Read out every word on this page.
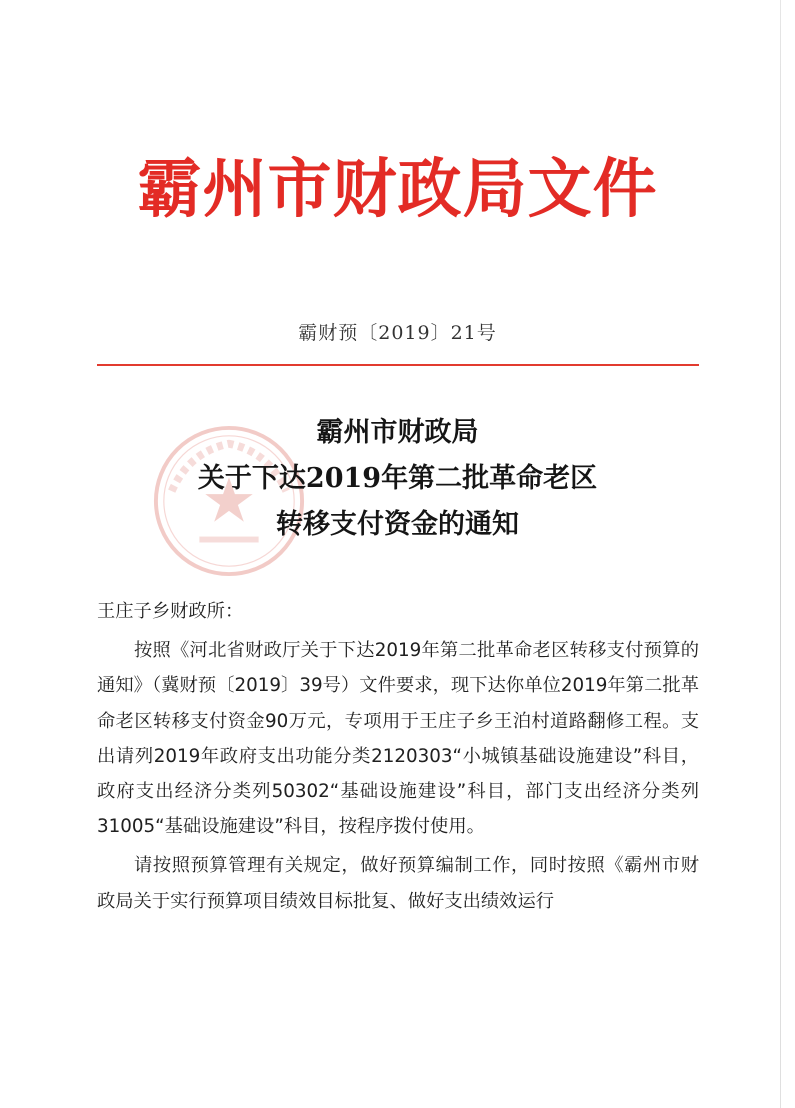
霸州市财政局文件
霸财预〔2019〕21号
霸州市财政局
关于下达2019年第二批革命老区
转移支付资金的通知

王庄子乡财政所：

按照《河北省财政厅关于下达2019年第二批革命老区转移支付预算的通知》（冀财预〔2019〕39号）文件要求，现下达你单位2019年第二批革命老区转移支付资金90万元，专项用于王庄子乡王泊村道路翻修工程。支出请列2019年政府支出功能分类2120303“小城镇基础设施建设”科目，政府支出经济分类列50302“基础设施建设”科目，部门支出经济分类列31005“基础设施建设”科目，按程序拨付使用。

请按照预算管理有关规定，做好预算编制工作，同时按照《霸州市财政局关于实行预算项目绩效目标批复、做好支出绩效运行
